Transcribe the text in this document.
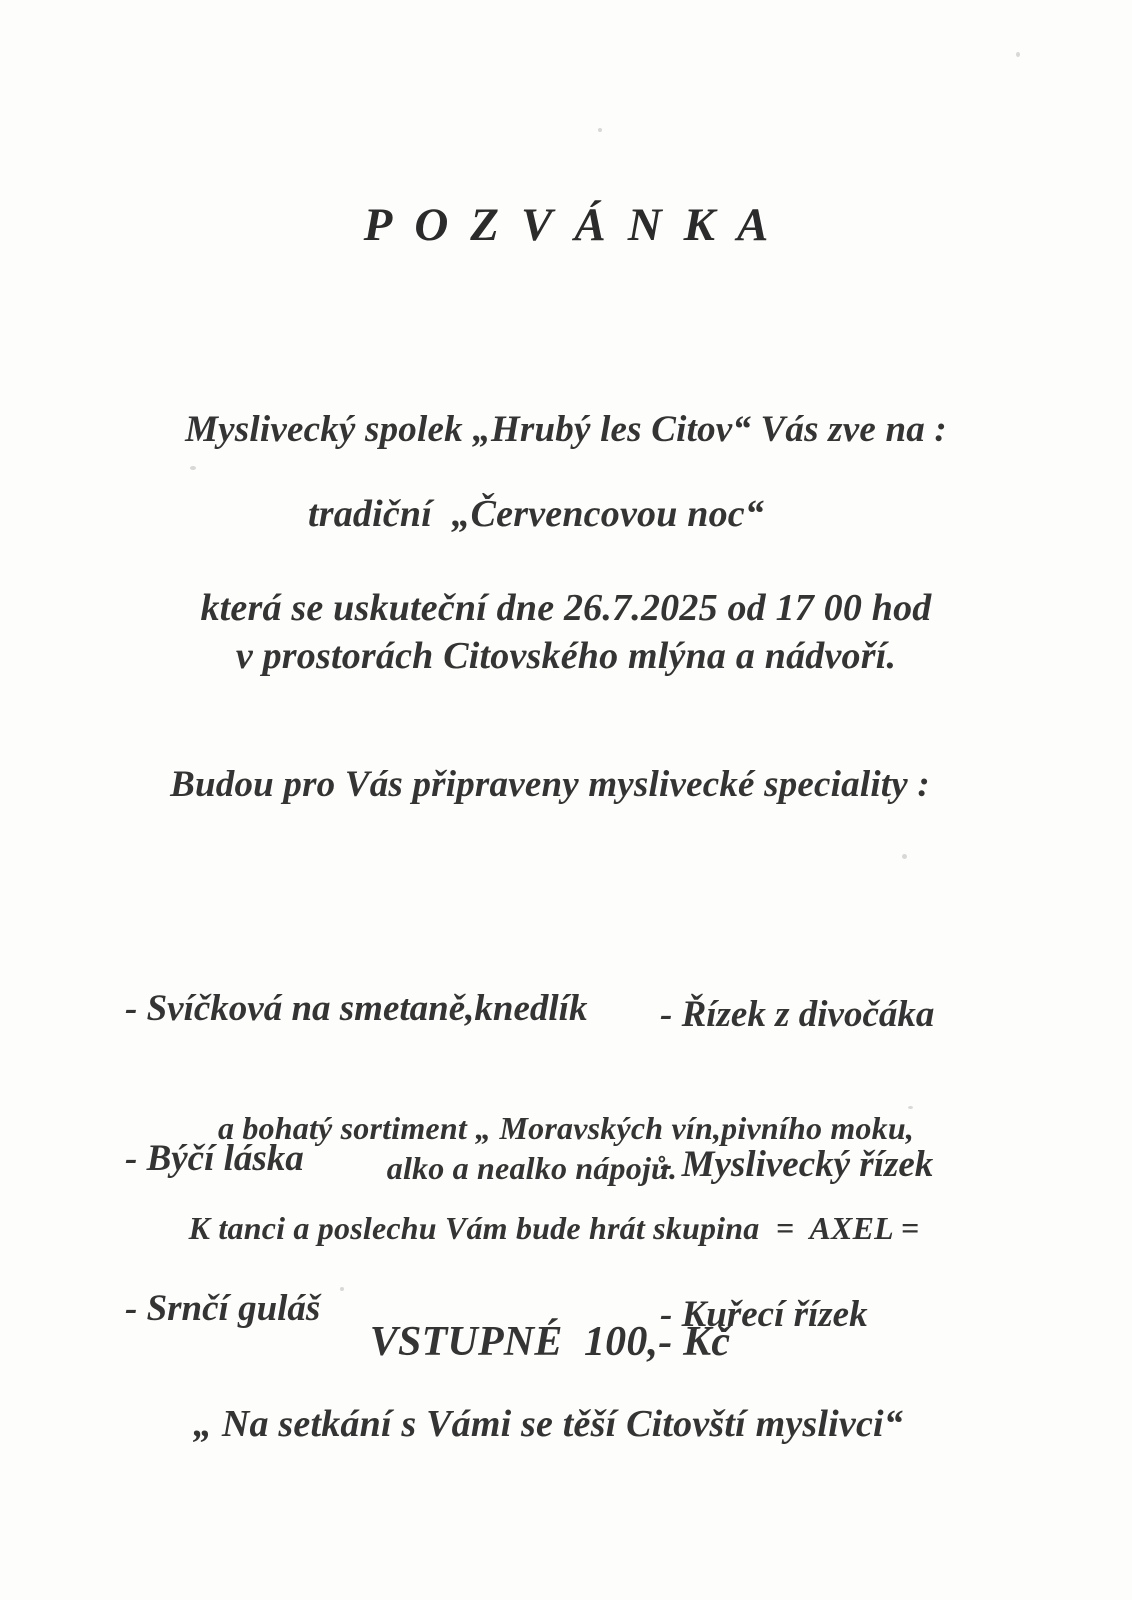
POZVÁNKA
Myslivecký spolek „Hrubý les Citov“ Vás zve na :
tradiční  „Červencovou noc“
která se uskuteční dne 26.7.2025 od 17 00 hod
v prostorách Citovského mlýna a nádvoří.
Budou pro Vás připraveny myslivecké speciality :

- Svíčková na smetaně,knedlík

- Býčí láska

- Srnčí guláš

- Řízek z divočáka

- Myslivecký řízek

- Kuřecí řízek

a bohatý sortiment „ Moravských vín,pivního moku,
alko a nealko nápojů.
K tanci a poslechu Vám bude hrát skupina  =  AXEL =
VSTUPNÉ  100,- Kč
„ Na setkání s Vámi se těší Citovští myslivci“
